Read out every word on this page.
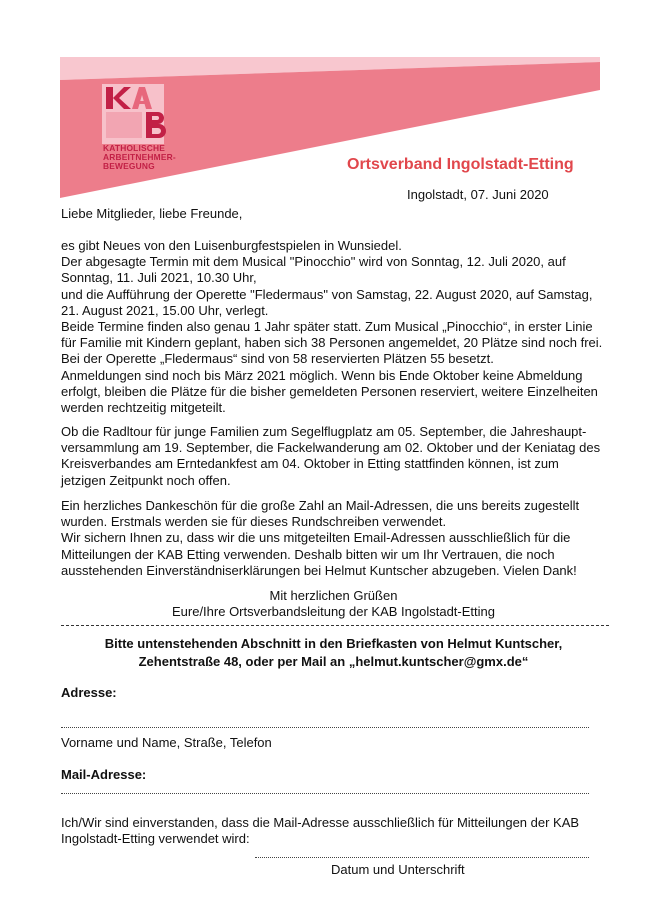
KATHOLISCHE
ARBEITNEHMER-
BEWEGUNG	Ortsverband Ingolstadt-Etting
Ingolstadt, 07. Juni 2020
Liebe Mitglieder, liebe Freunde,

es gibt Neues von den Luisenburgfestspielen in Wunsiedel.

Der abgesagte Termin mit dem Musical "Pinocchio" wird von Sonntag, 12. Juli 2020, auf

Sonntag, 11. Juli 2021, 10.30 Uhr,

und die Aufführung der Operette "Fledermaus" von Samstag, 22. August 2020, auf Samstag,

21. August 2021, 15.00 Uhr, verlegt.

Beide Termine finden also genau 1 Jahr später statt. Zum Musical „Pinocchio“, in erster Linie

für Familie mit Kindern geplant, haben sich 38 Personen angemeldet, 20 Plätze sind noch frei.

Bei der Operette „Fledermaus“ sind von 58 reservierten Plätzen 55 besetzt.

Anmeldungen sind noch bis März 2021 möglich. Wenn bis Ende Oktober keine Abmeldung

erfolgt, bleiben die Plätze für die bisher gemeldeten Personen reserviert, weitere Einzelheiten

werden rechtzeitig mitgeteilt.

Ob die Radltour für junge Familien zum Segelflugplatz am 05. September, die Jahreshaupt-

versammlung am 19. September, die Fackelwanderung am 02. Oktober und der Keniatag des

Kreisverbandes am Erntedankfest am 04. Oktober in Etting stattfinden können, ist zum

jetzigen Zeitpunkt noch offen.

Ein herzliches Dankeschön für die große Zahl an Mail-Adressen, die uns bereits zugestellt

wurden. Erstmals werden sie für dieses Rundschreiben verwendet.

Wir sichern Ihnen zu, dass wir die uns mitgeteilten Email-Adressen ausschließlich für die

Mitteilungen der KAB Etting verwenden. Deshalb bitten wir um Ihr Vertrauen, die noch

ausstehenden Einverständniserklärungen bei Helmut Kuntscher abzugeben. Vielen Dank!

Mit herzlichen Grüßen

Eure/Ihre Ortsverbandsleitung der KAB Ingolstadt-Etting

Bitte untenstehenden Abschnitt in den Briefkasten von Helmut Kuntscher,

Zehentstraße 48, oder per Mail an „helmut.kuntscher@gmx.de“

Adresse:
Vorname und Name, Straße, Telefon
Mail-Adresse:

Ich/Wir sind einverstanden, dass die Mail-Adresse ausschließlich für Mitteilungen der KAB

Ingolstadt-Etting verwendet wird:

Datum und Unterschrift
